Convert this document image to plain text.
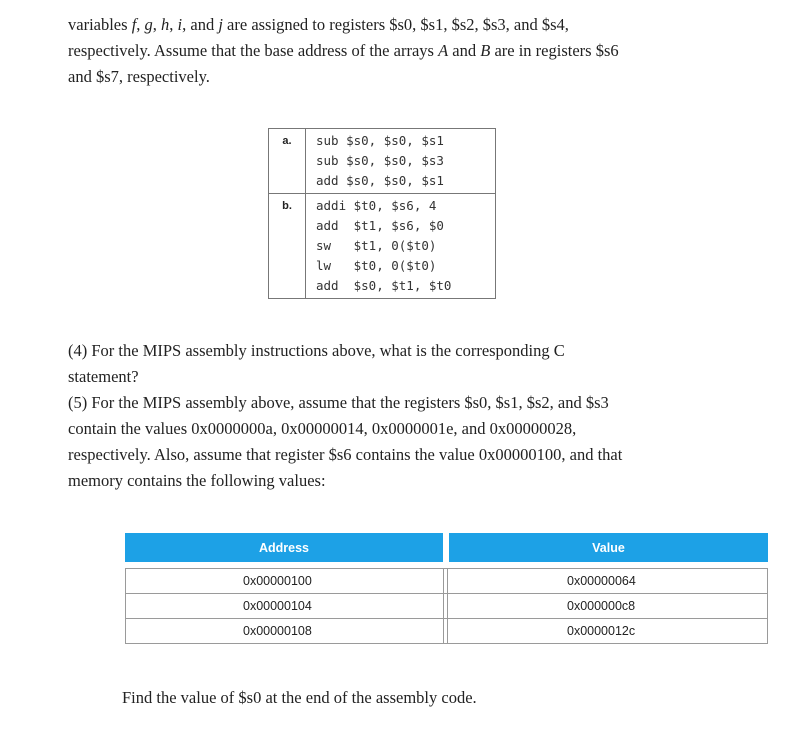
variables f, g, h, i, and j are assigned to registers $s0, $s1, $s2, $s3, and $s4,
respectively. Assume that the base address of the arrays A and B are in registers $s6
and $s7, respectively.
a.	sub $s0, $s0, $s1
sub $s0, $s0, $s3
add $s0, $s0, $s1

b.	addi $t0, $s6, 4
add  $t1, $s6, $0
sw   $t1, 0($t0)
lw   $t0, 0($t0)
add  $s0, $t1, $t0
(4) For the MIPS assembly instructions above, what is the corresponding C
statement?
(5) For the MIPS assembly above, assume that the registers $s0, $s1, $s2, and $s3
contain the values 0x0000000a, 0x00000014, 0x0000001e, and 0x00000028,
respectively. Also, assume that register $s6 contains the value 0x00000100, and that
memory contains the following values:
Address		Value

0x00000100		0x00000064
0x00000104		0x000000c8
0x00000108		0x0000012c
Find the value of $s0 at the end of the assembly code.
